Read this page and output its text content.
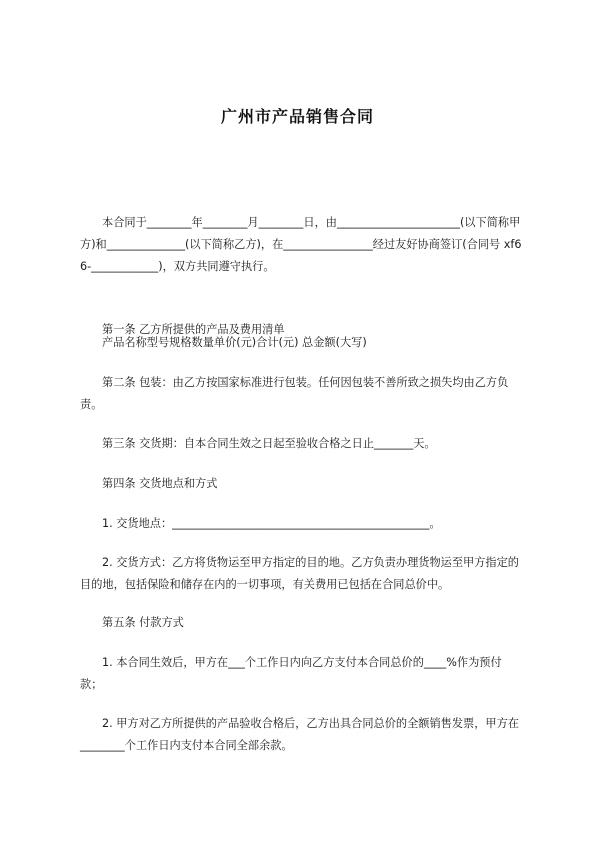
广州市产品销售合同
本合同于________年________月________日，由______________________(以下简称甲方)和______________(以下简称乙方)，在________________经过友好协商签订(合同号 xf66-____________)，双方共同遵守执行。
第一条 乙方所提供的产品及费用清单
产品名称型号规格数量单价(元)合计(元) 总金额(大写)
第二条 包装：由乙方按国家标准进行包装。任何因包装不善所致之损失均由乙方负责。
第三条 交货期：自本合同生效之日起至验收合格之日止_______天。
第四条 交货地点和方式
1. 交货地点：______________________________________________。
2. 交货方式：乙方将货物运至甲方指定的目的地。乙方负责办理货物运至甲方指定的目的地，包括保险和储存在内的一切事项，有关费用已包括在合同总价中。
第五条 付款方式
1. 本合同生效后，甲方在___个工作日内向乙方支付本合同总价的____%作为预付款；
2. 甲方对乙方所提供的产品验收合格后，乙方出具合同总价的全额销售发票，甲方在________个工作日内支付本合同全部余款。
